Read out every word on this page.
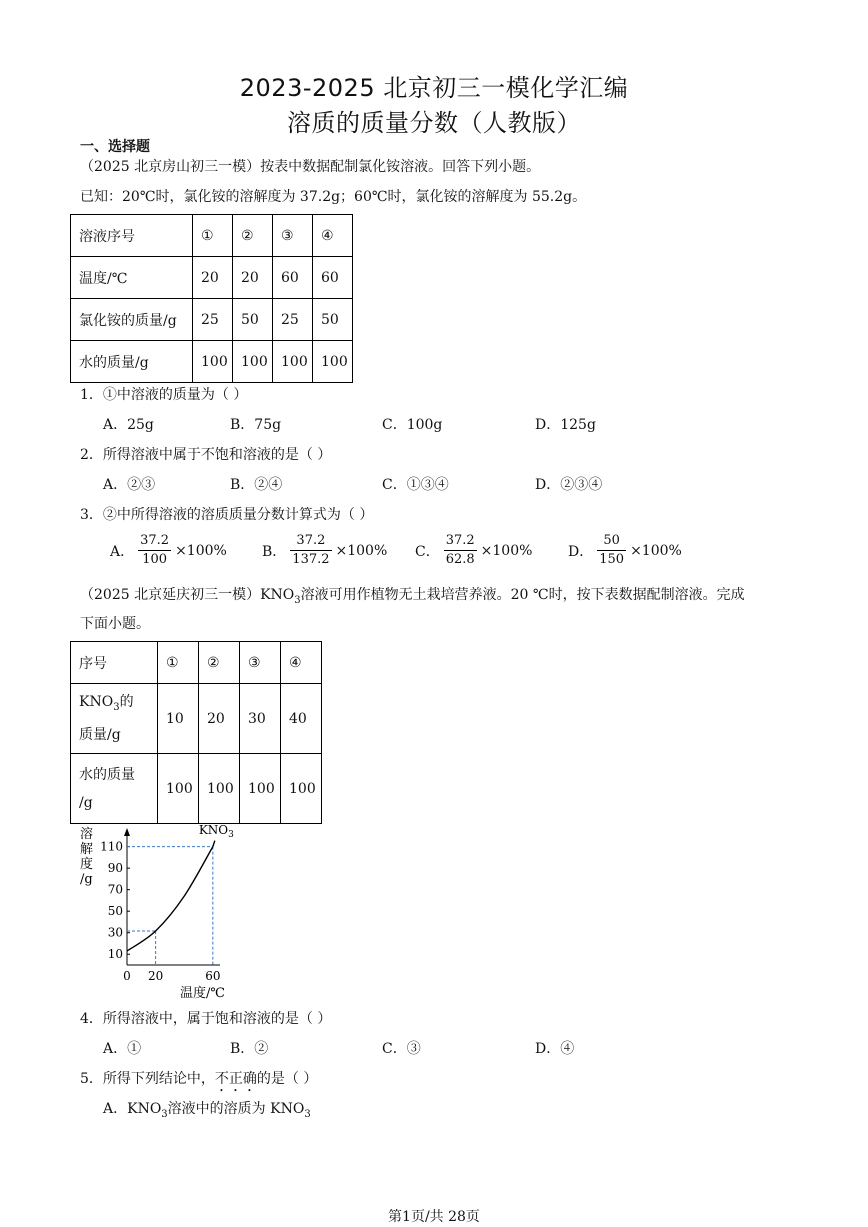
2023-2025 北京初三一模化学汇编
溶质的质量分数（人教版）
一、选择题
（2025 北京房山初三一模）按表中数据配制氯化铵溶液。回答下列小题。
已知：20℃时，氯化铵的溶解度为 37.2g；60℃时，氯化铵的溶解度为 55.2g。
溶液序号	①	②	③	④
温度/℃	20	20	60	60
氯化铵的质量/g	25	50	25	50
水的质量/g	100	100	100	100
1．①中溶液的质量为（ ）
A．25g	B．75g	C．100g	D．125g
2．所得溶液中属于不饱和溶液的是（ ）
A．②③	B．②④	C．①③④	D．②③④
3．②中所得溶液的溶质质量分数计算式为（ ）
A． $\frac{37.2}{100} \times 100\%$	B． $\frac{37.2}{137.2} \times 100\%$ C． $\frac{37.2}{62.8} \times 100\%$	D． $\frac{50}{150} \times 100\%$
（2025 北京延庆初三一模）$KNO_3$溶液可用作植物无土栽培营养液。20 ℃时，按下表数据配制溶液。完成
下面小题。
序号	①	②	③	④
$KNO_3$的
质量/g	10	20	30	40
水的质量
/g	100	100	100	100
溶
解
度
/g
10
30
50
70
90
110
0 20	60
$KNO_3$
温度/℃
4．所得溶液中，属于饱和溶液的是（ ）
A．①	B．②	C．③	D．④
5．所得下列结论中，不正确的是（ ）
A．$KNO_3$溶液中的溶质为 $KNO_3$
第1页/共 28页
